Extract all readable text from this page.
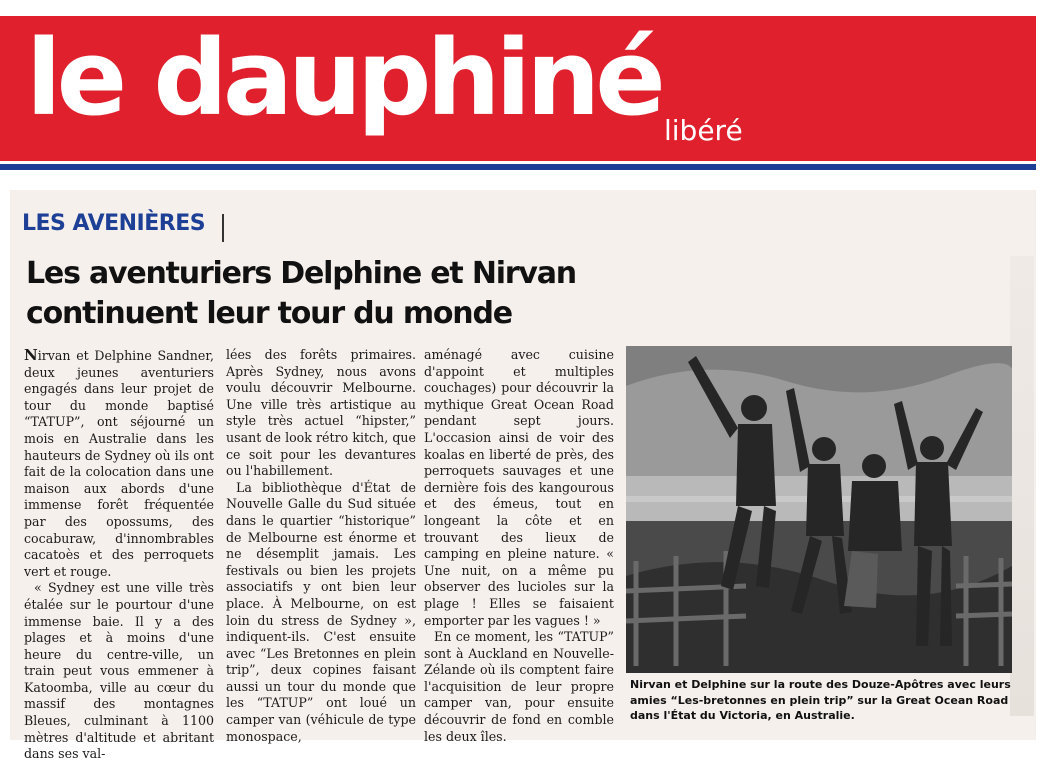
le dauphiné libéré
LES AVENIÈRES
Les aventuriers Delphine et Nirvan continuent leur tour du monde

Nirvan et Delphine Sandner, deux jeunes aventuriers engagés dans leur projet de tour du monde baptisé “TATUP”, ont séjourné un mois en Australie dans les hauteurs de Sydney où ils ont fait de la colocation dans une maison aux abords d'une immense forêt fréquentée par des opossums, des cocaburaw, d'innombrables cacatoès et des perroquets vert et rouge.

« Sydney est une ville très étalée sur le pourtour d'une immense baie. Il y a des plages et à moins d'une heure du centre-ville, un train peut vous emmener à Katoomba, ville au cœur du massif des montagnes Bleues, culminant à 1100 mètres d'altitude et abritant dans ses val-

lées des forêts primaires. Après Sydney, nous avons voulu découvrir Melbourne. Une ville très artistique au style très actuel “hipster,” usant de look rétro kitch, que ce soit pour les devantures ou l'habillement.

La bibliothèque d'État de Nouvelle Galle du Sud située dans le quartier “historique” de Melbourne est énorme et ne désemplit jamais. Les festivals ou bien les projets associatifs y ont bien leur place. À Melbourne, on est loin du stress de Sydney », indiquent-ils. C'est ensuite avec “Les Bretonnes en plein trip”, deux copines faisant aussi un tour du monde que les “TATUP” ont loué un camper van (véhicule de type monospace,

aménagé avec cuisine d'appoint et multiples couchages) pour découvrir la mythique Great Ocean Road pendant sept jours. L'occasion ainsi de voir des koalas en liberté de près, des perroquets sauvages et une dernière fois des kangourous et des émeus, tout en longeant la côte et en trouvant des lieux de camping en pleine nature. « Une nuit, on a même pu observer des lucioles sur la plage ! Elles se faisaient emporter par les vagues ! »

En ce moment, les “TATUP” sont à Auckland en Nouvelle-Zélande où ils comptent faire l'acquisition de leur propre camper van, pour ensuite découvrir de fond en comble les deux îles.

Nirvan et Delphine sur la route des Douze-Apôtres avec leurs amies “Les-bretonnes en plein trip” sur la Great Ocean Road dans l'État du Victoria, en Australie.
